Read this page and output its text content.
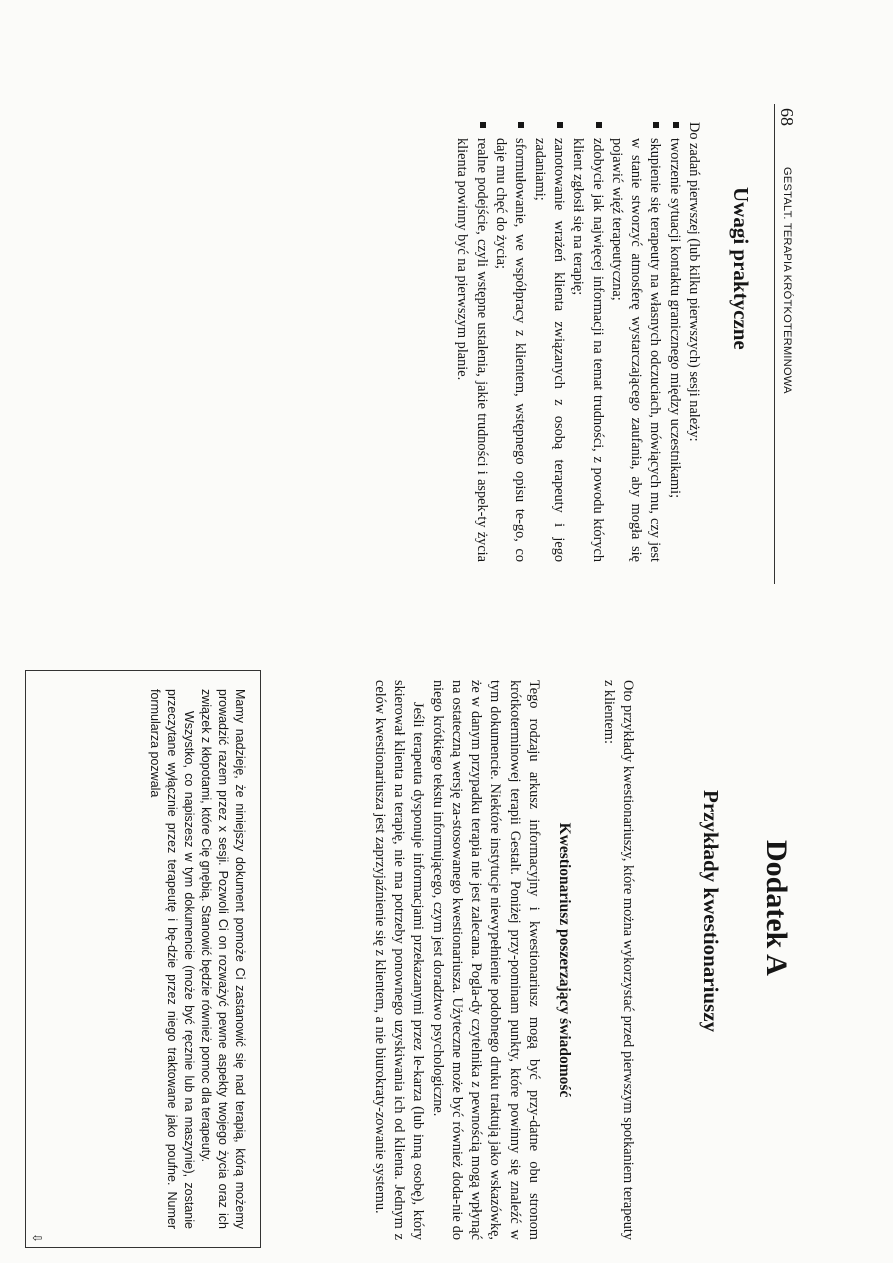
68
GESTALT. TERAPIA KRÓTKOTERMINOWA
Uwagi praktyczne

Do zadań pierwszej (lub kilku pierwszych) sesji należy:

tworzenie sytuacji kontaktu granicznego między uczestnikami;
skupienie się terapeuty na własnych odczuciach, mówiących mu, czy jest w stanie stworzyć atmosferę wystarczającego zaufania, aby mogła się pojawić więź terapeutyczna;
zdobycie jak najwięcej informacji na temat trudności, z powodu których klient zgłosił się na terapię;
zanotowanie wrażeń klienta związanych z osobą terapeuty i jego zadaniami;
sformułowanie, we współpracy z klientem, wstępnego opisu te-go, co daje mu chęć do życia;
realne podejście, czyli wstępne ustalenia, jakie trudności i aspek-ty życia klienta powinny być na pierwszym planie.
Dodatek A
Przykłady kwestionariuszy

Oto przykłady kwestionariuszy, które można wykorzystać przed pierwszym spotkaniem terapeuty z klientem:

Kwestionariusz poszerzający świadomość

Tego rodzaju arkusz informacyjny i kwestionariusz mogą być przy-datne obu stronom krótkoterminowej terapii Gestalt. Poniżej przy-pominam punkty, które powinny się znaleźć w tym dokumencie. Niektóre instytucje niewypełnienie podobnego druku traktują jako wskazówkę, że w danym przypadku terapia nie jest zalecana. Pogla-dy czytelnika z pewnością mogą wpłynąć na ostateczną wersję za-stosowanego kwestionariusza. Użyteczne może być również doda-nie do niego krótkiego tekstu informującego, czym jest doradztwo psychologiczne.

Jeśli terapeuta dysponuje informacjami przekazanymi przez le-karza (lub inną osobę), który skierował klienta na terapię, nie ma potrzeby ponownego uzyskiwania ich od klienta. Jednym z celów kwestionariusza jest zaprzyjaźnienie się z klientem, a nie biurokraty-zowanie systemu.

Mamy nadzieję, że niniejszy dokument pomoże Ci zastanowić się nad terapią, którą możemy prowadzić razem przez x sesji. Pozwoli Ci on rozważyć pewne aspekty twojego życia oraz ich związek z kłopotami, które Cię gnębią. Stanowić będzie również pomoc dla terapeuty.

Wszystko, co napiszesz w tym dokumencie (może być ręcznie lub na maszynie), zostanie przeczytane wyłącznie przez terapeutę i bę-dzie przez niego traktowane jako poufne. Numer formularza pozwala

⇩
